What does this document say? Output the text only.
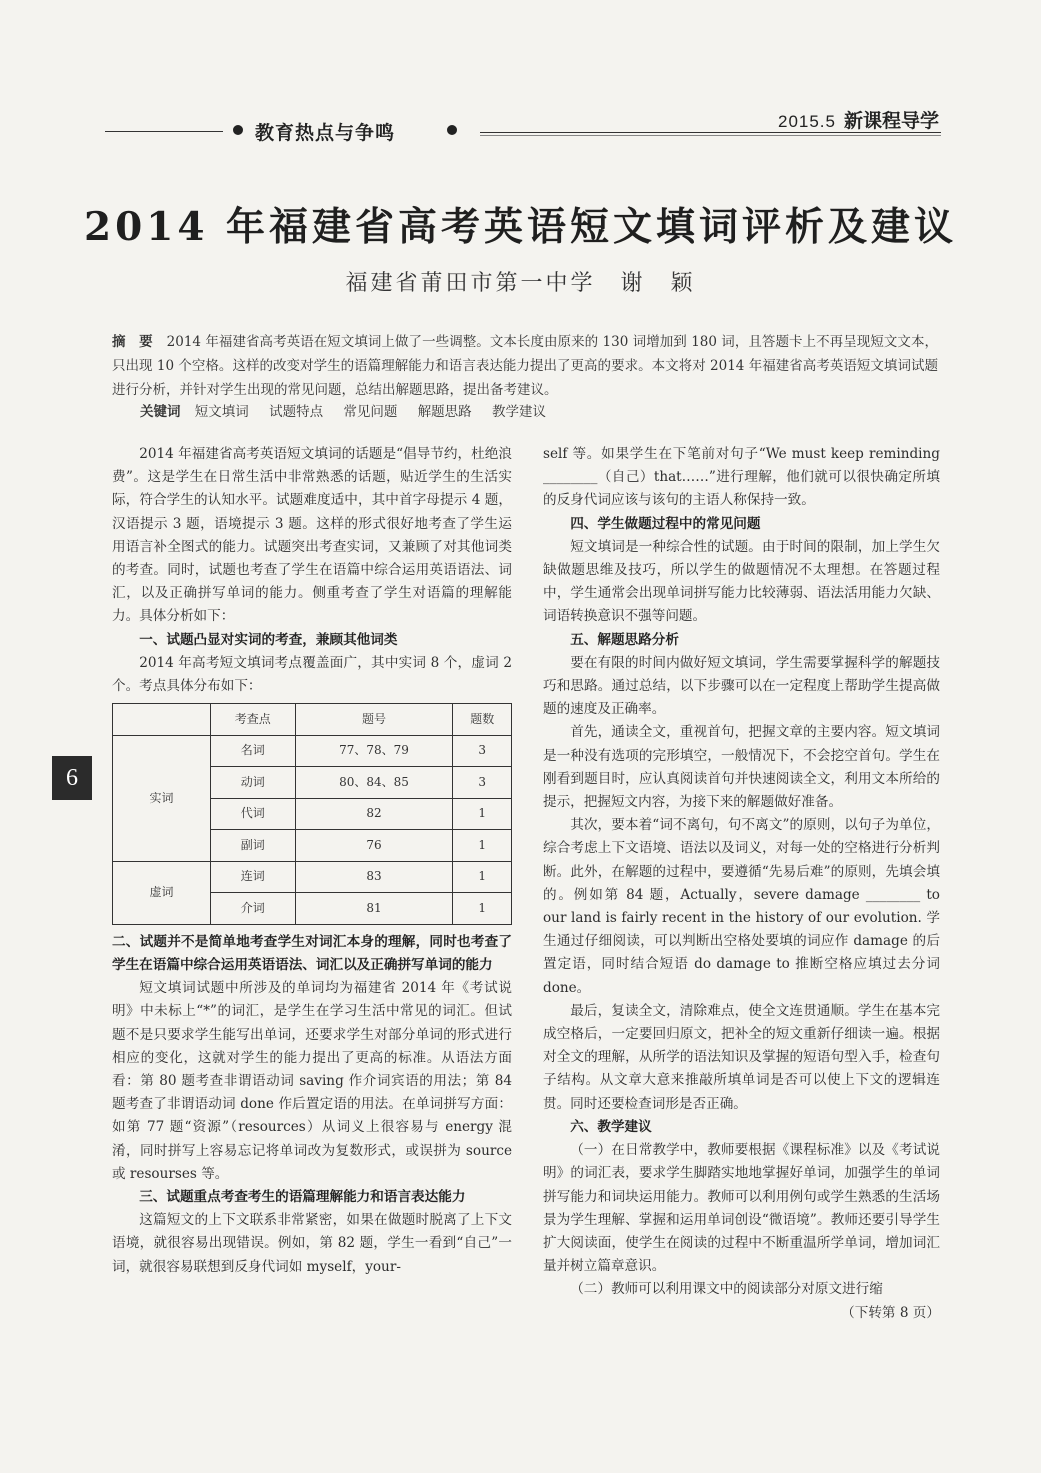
教育热点与争鸣
2015.5 新课程导学
2014 年福建省高考英语短文填词评析及建议
福建省莆田市第一中学　谢　颖
摘　要 2014 年福建省高考英语在短文填词上做了一些调整。文本长度由原来的 130 词增加到 180 词，且答题卡上不再呈现短文文本，只出现 10 个空格。这样的改变对学生的语篇理解能力和语言表达能力提出了更高的要求。本文将对 2014 年福建省高考英语短文填词试题进行分析，并针对学生出现的常见问题，总结出解题思路，提出备考建议。
关键词 短文填词 试题特点 常见问题 解题思路 教学建议

2014 年福建省高考英语短文填词的话题是“倡导节约，杜绝浪费”。这是学生在日常生活中非常熟悉的话题，贴近学生的生活实际，符合学生的认知水平。试题难度适中，其中首字母提示 4 题，汉语提示 3 题，语境提示 3 题。这样的形式很好地考查了学生运用语言补全图式的能力。试题突出考查实词，又兼顾了对其他词类的考查。同时，试题也考查了学生在语篇中综合运用英语语法、词汇，以及正确拼写单词的能力。侧重考查了学生对语篇的理解能力。具体分析如下：

一、试题凸显对实词的考查，兼顾其他词类

2014 年高考短文填词考点覆盖面广，其中实词 8 个，虚词 2 个。考点具体分布如下：

	考查点	题号	题数
实词	名词	77、78、79	3
	动词	80、84、85	3
	代词	82	1
	副词	76	1
虚词	连词	83	1
	介词	81	1
二、试题并不是简单地考查学生对词汇本身的理解，同时也考查了学生在语篇中综合运用英语语法、词汇以及正确拼写单词的能力

短文填词试题中所涉及的单词均为福建省 2014 年《考试说明》中未标上“*”的词汇，是学生在学习生活中常见的词汇。但试题不是只要求学生能写出单词，还要求学生对部分单词的形式进行相应的变化，这就对学生的能力提出了更高的标准。从语法方面看：第 80 题考查非谓语动词 saving 作介词宾语的用法；第 84 题考查了非谓语动词 done 作后置定语的用法。在单词拼写方面：如第 77 题“资源”（resources）从词义上很容易与 energy 混淆，同时拼写上容易忘记将单词改为复数形式，或误拼为 source 或 resourses 等。

三、试题重点考查考生的语篇理解能力和语言表达能力

这篇短文的上下文联系非常紧密，如果在做题时脱离了上下文语境，就很容易出现错误。例如，第 82 题，学生一看到“自己”一词，就很容易联想到反身代词如 myself，your-

self 等。如果学生在下笔前对句子“We must keep reminding ________（自己）that……”进行理解，他们就可以很快确定所填的反身代词应该与该句的主语人称保持一致。

四、学生做题过程中的常见问题

短文填词是一种综合性的试题。由于时间的限制，加上学生欠缺做题思维及技巧，所以学生的做题情况不太理想。在答题过程中，学生通常会出现单词拼写能力比较薄弱、语法活用能力欠缺、词语转换意识不强等问题。

五、解题思路分析

要在有限的时间内做好短文填词，学生需要掌握科学的解题技巧和思路。通过总结，以下步骤可以在一定程度上帮助学生提高做题的速度及正确率。

首先，通读全文，重视首句，把握文章的主要内容。短文填词是一种没有选项的完形填空，一般情况下，不会挖空首句。学生在刚看到题目时，应认真阅读首句并快速阅读全文，利用文本所给的提示，把握短文内容，为接下来的解题做好准备。

其次，要本着“词不离句，句不离文”的原则，以句子为单位，综合考虑上下文语境、语法以及词义，对每一处的空格进行分析判断。此外，在解题的过程中，要遵循“先易后难”的原则，先填会填的。例如第 84 题，Actually，severe damage ________ to our land is fairly recent in the history of our evolution. 学生通过仔细阅读，可以判断出空格处要填的词应作 damage 的后置定语，同时结合短语 do damage to 推断空格应填过去分词 done。

最后，复读全文，清除难点，使全文连贯通顺。学生在基本完成空格后，一定要回归原文，把补全的短文重新仔细读一遍。根据对全文的理解，从所学的语法知识及掌握的短语句型入手，检查句子结构。从文章大意来推敲所填单词是否可以使上下文的逻辑连贯。同时还要检查词形是否正确。

六、教学建议

（一）在日常教学中，教师要根据《课程标准》以及《考试说明》的词汇表，要求学生脚踏实地地掌握好单词，加强学生的单词拼写能力和词块运用能力。教师可以利用例句或学生熟悉的生活场景为学生理解、掌握和运用单词创设“微语境”。教师还要引导学生扩大阅读面，使学生在阅读的过程中不断重温所学单词，增加词汇量并树立篇章意识。

（二）教师可以利用课文中的阅读部分对原文进行缩

（下转第 8 页）

6
